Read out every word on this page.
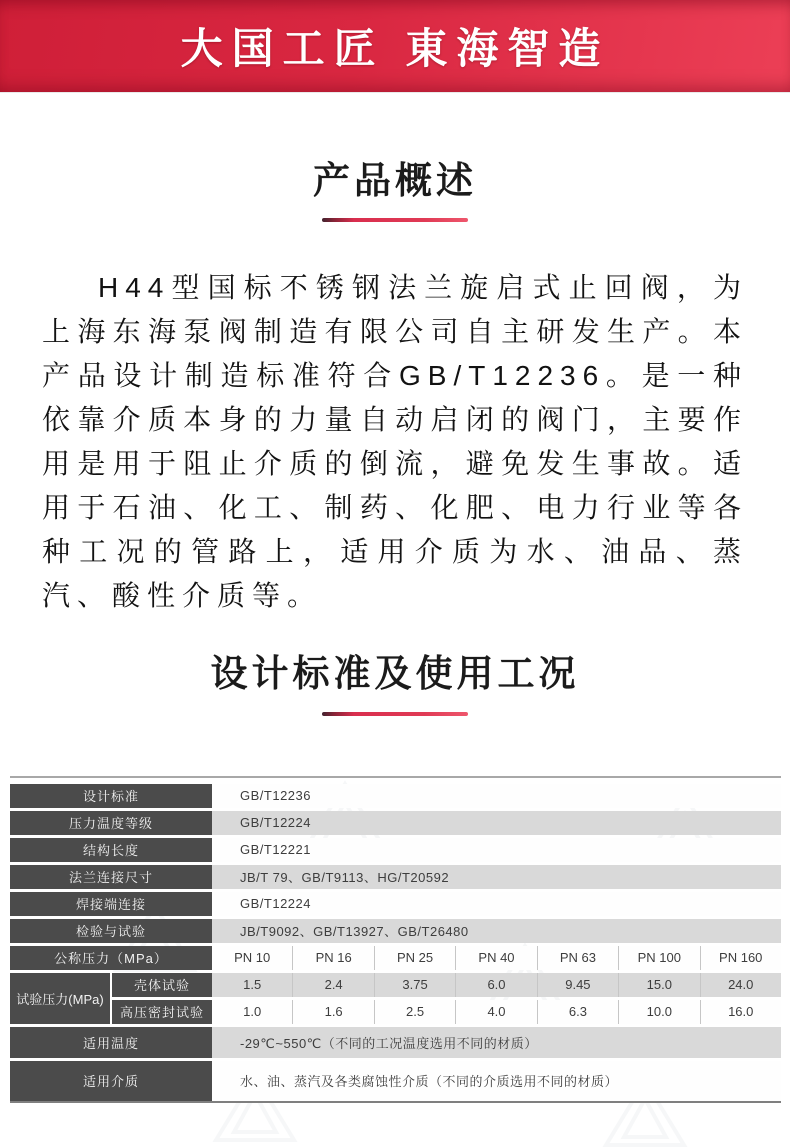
大国工匠 東海智造
产品概述

H44型国标不锈钢法兰旋启式止回阀，为上海东海泵阀制造有限公司自主研发生产。本产品设计制造标准符合GB/T12236。是一种依靠介质本身的力量自动启闭的阀门，主要作用是用于阻止介质的倒流，避免发生事故。适用于石油、化工、制药、化肥、电力行业等各种工况的管路上，适用介质为水、油品、蒸汽、酸性介质等。

设计标准及使用工况
设计标准	GB/T12236
压力温度等级	GB/T12224
结构长度	GB/T12221
法兰连接尺寸	JB/T 79、GB/T9113、HG/T20592
焊接端连接	GB/T12224
检验与试验	JB/T9092、GB/T13927、GB/T26480
公称压力（MPa）	PN 10	PN 16	PN 25	PN 40	PN 63	PN 100	PN 160
试验压力(MPa)
壳体试验	1.5	2.4	3.75	6.0	9.45	15.0	24.0
高压密封试验	1.0	1.6	2.5	4.0	6.3	10.0	16.0
适用温度	-29℃~550℃（不同的工况温度选用不同的材质）
适用介质	水、油、蒸汽及各类腐蚀性介质（不同的介质选用不同的材质）
